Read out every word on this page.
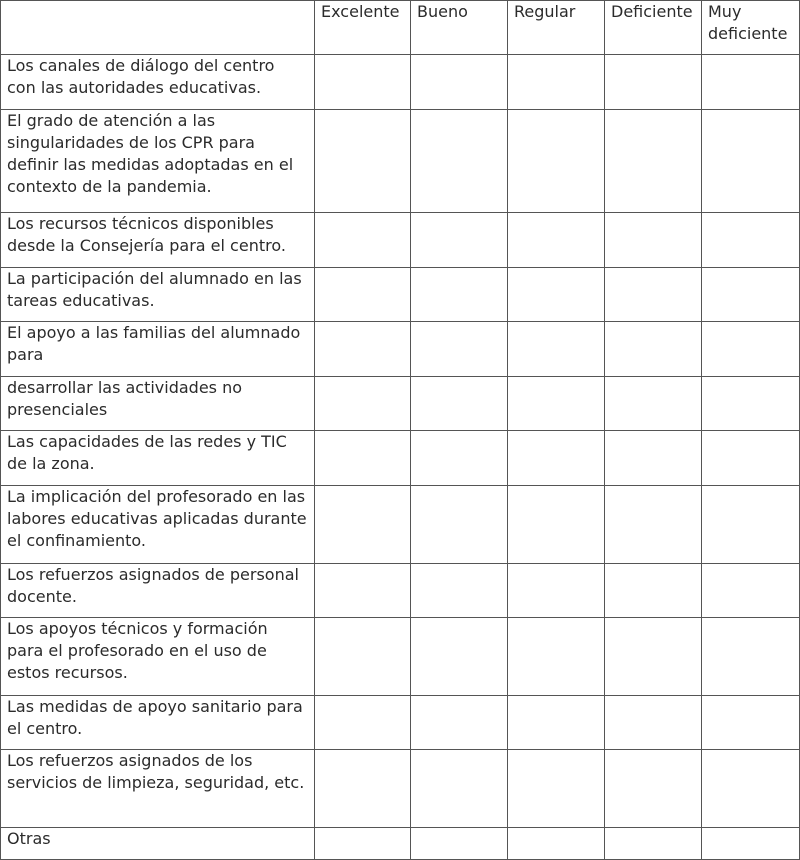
	Excelente	Bueno	Regular	Deficiente	Muy deficiente
Los canales de diálogo del centro con las autoridades educativas.					
El grado de atención a las singularidades de los CPR para definir las medidas adoptadas en el contexto de la pandemia.					
Los recursos técnicos disponibles desde la Consejería para el centro.					
La participación del alumnado en las tareas educativas.					
El apoyo a las familias del alumnado para					
desarrollar las actividades no presenciales					
Las capacidades de las redes y TIC de la zona.					
La implicación del profesorado en las labores educativas aplicadas durante el confinamiento.					
Los refuerzos asignados de personal docente.					
Los apoyos técnicos y formación para el profesorado en el uso de estos recursos.					
Las medidas de apoyo sanitario para el centro.					
Los refuerzos asignados de los servicios de limpieza, seguridad, etc.					
Otras					
